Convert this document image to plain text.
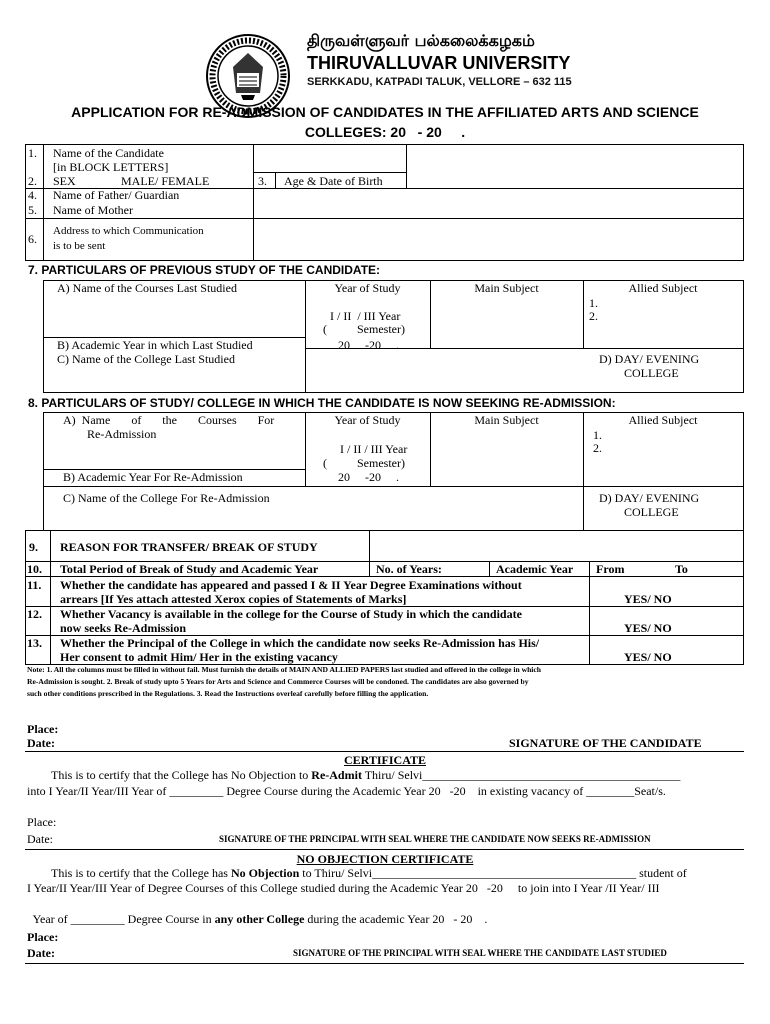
திருவள்ளுவர் பல்கலைக்கழகம்
THIRUVALLUVAR UNIVERSITY
SERKKADU, KATPADI TALUK, VELLORE – 632 115
APPLICATION FOR RE-ADMISSION OF CANDIDATES IN THE AFFILIATED ARTS AND SCIENCE
COLLEGES: 20   - 20     .
1. Name of the Candidate
[in BLOCK LETTERS]
2. SEX	MALE/ FEMALE	3. Age & Date of Birth
4. Name of Father/ Guardian
5. Name of Mother
6.
Address to which Communication
is to be sent
7. PARTICULARS OF PREVIOUS STUDY OF THE CANDIDATE:
A) Name of the Courses Last Studied	Year of Study	Main Subject	Allied Subject
1.
2.
I / II  / III Year
(          Semester)
B) Academic Year in which Last Studied	20     -20     .
C) Name of the College Last Studied	D) DAY/ EVENING
COLLEGE
8. PARTICULARS OF STUDY/ COLLEGE IN WHICH THE CANDIDATE IS NOW SEEKING RE-ADMISSION:
A)  Name       of       the       Courses       For
Re-Admission
Year of Study	Main Subject	Allied Subject
1.
2.
I / II / III Year
(          Semester)
B) Academic Year For Re-Admission	20     -20     .
C) Name of the College For Re-Admission	D) DAY/ EVENING
COLLEGE
9. REASON FOR TRANSFER/ BREAK OF STUDY
10. Total Period of Break of Study and Academic Year	No. of Years:	Academic Year From	To
11. Whether the candidate has appeared and passed I & II Year Degree Examinations without
arrears [If Yes attach attested Xerox copies of Statements of Marks]	YES/ NO
12. Whether Vacancy is available in the college for the Course of Study in which the candidate
now seeks Re-Admission	YES/ NO
13. Whether the Principal of the College in which the candidate now seeks Re-Admission has His/
Her consent to admit Him/ Her in the existing vacancy	YES/ NO
Note: 1. All the columns must be filled in without fail. Must furnish the details of MAIN AND ALLIED PAPERS last studied and offered in the college in which
Re-Admission is sought. 2. Break of study upto 5 Years for Arts and Science and Commerce Courses will be condoned. The candidates are also governed by
such other conditions prescribed in the Regulations. 3. Read the Instructions overleaf carefully before filling the application.
Place:
Date:	SIGNATURE OF THE CANDIDATE
CERTIFICATE
This is to certify that the College has No Objection to Re-Admit Thiru/ Selvi___________________________________________
into I Year/II Year/III Year of _________ Degree Course during the Academic Year 20   -20    in existing vacancy of ________Seat/s.
Place:
Date:	SIGNATURE OF THE PRINCIPAL WITH SEAL WHERE THE CANDIDATE NOW SEEKS RE-ADMISSION
NO OBJECTION CERTIFICATE
This is to certify that the College has No Objection to Thiru/ Selvi____________________________________________ student of
I Year/II Year/III Year of Degree Courses of this College studied during the Academic Year 20   -20     to join into I Year /II Year/ III

Year of _________ Degree Course in any other College during the academic Year 20   - 20    .

Place:
Date:	SIGNATURE OF THE PRINCIPAL WITH SEAL WHERE THE CANDIDATE LAST STUDIED
